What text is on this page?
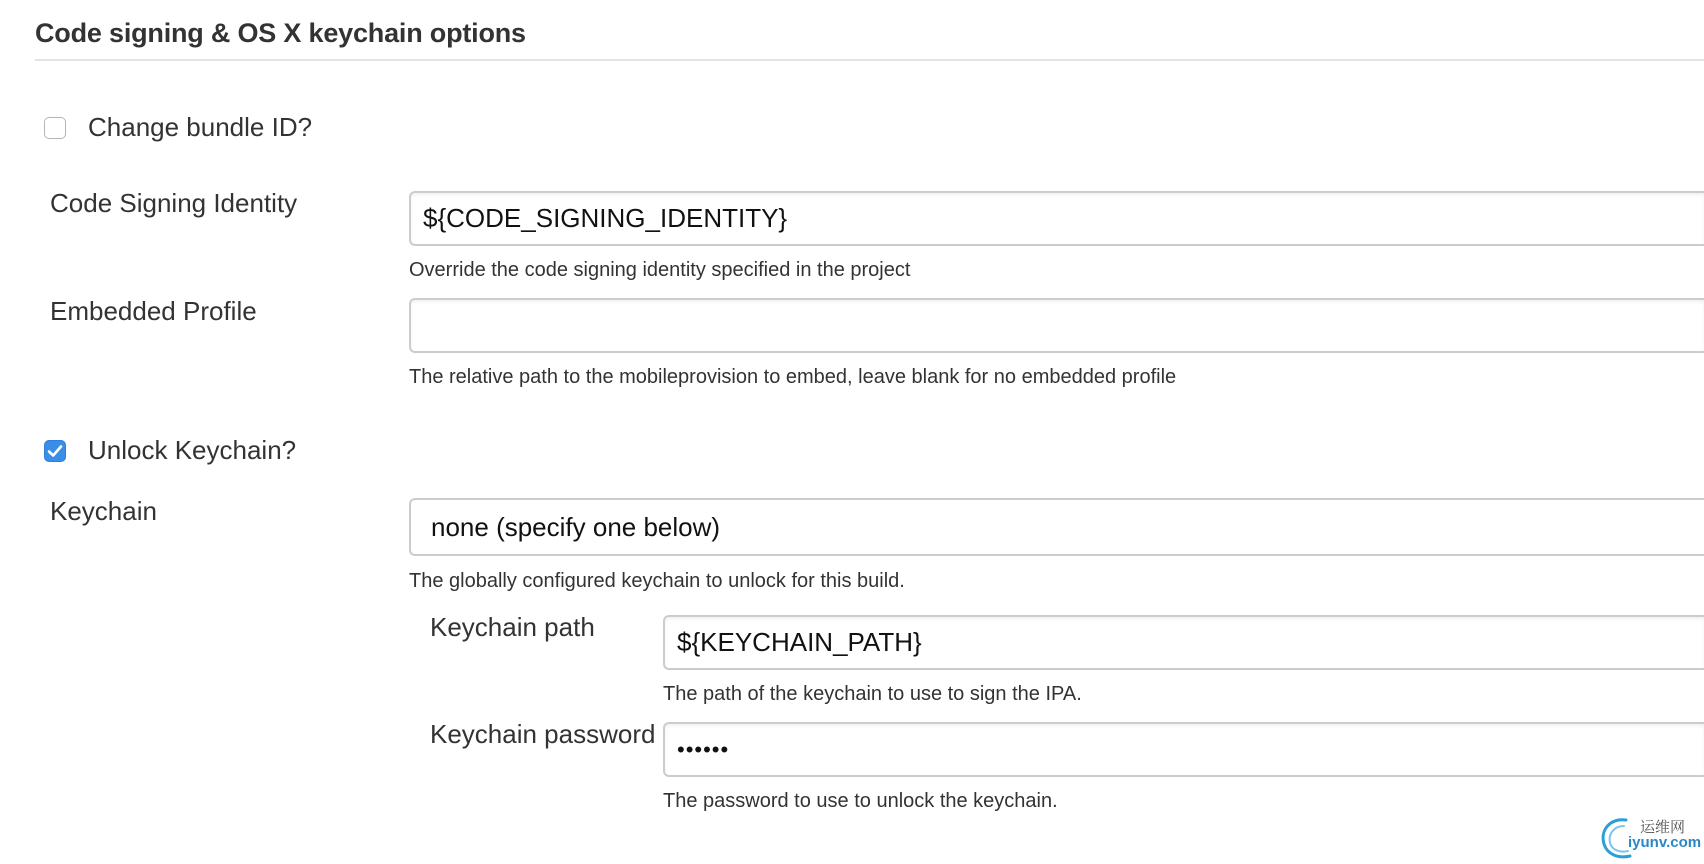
Code signing & OS X keychain options
Change bundle ID?
Code Signing Identity
${CODE_SIGNING_IDENTITY}
Override the code signing identity specified in the project
Embedded Profile
The relative path to the mobileprovision to embed, leave blank for no embedded profile
Unlock Keychain?
Keychain
none (specify one below)
The globally configured keychain to unlock for this build.
Keychain path
${KEYCHAIN_PATH}
The path of the keychain to use to sign the IPA.
Keychain password ••••••
The password to use to unlock the keychain.
运维网
iyunv.com
